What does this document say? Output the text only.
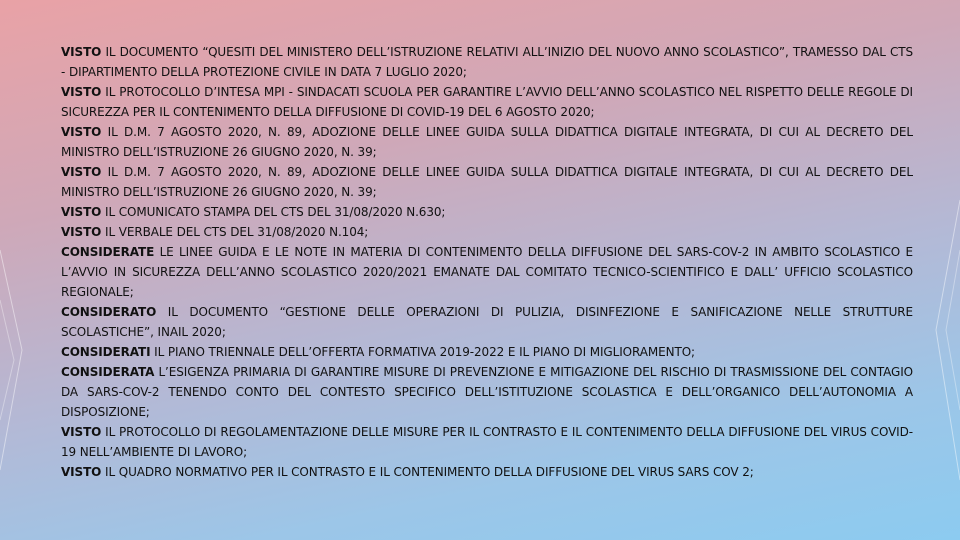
VISTO IL DOCUMENTO “QUESITI DEL MINISTERO DELL’ISTRUZIONE RELATIVI ALL’INIZIO DEL NUOVO ANNO SCOLASTICO”, TRAMESSO DAL CTS - DIPARTIMENTO DELLA PROTEZIONE CIVILE IN DATA 7 LUGLIO 2020;

VISTO IL PROTOCOLLO D’INTESA MPI - SINDACATI SCUOLA PER GARANTIRE L’AVVIO DELL’ANNO SCOLASTICO NEL RISPETTO DELLE REGOLE DI SICUREZZA PER IL CONTENIMENTO DELLA DIFFUSIONE DI COVID-19 DEL 6 AGOSTO 2020;

VISTO IL D.M. 7 AGOSTO 2020, N. 89, ADOZIONE DELLE LINEE GUIDA SULLA DIDATTICA DIGITALE INTEGRATA, DI CUI AL DECRETO DEL MINISTRO DELL’ISTRUZIONE 26 GIUGNO 2020, N. 39;

VISTO IL D.M. 7 AGOSTO 2020, N. 89, ADOZIONE DELLE LINEE GUIDA SULLA DIDATTICA DIGITALE INTEGRATA, DI CUI AL DECRETO DEL MINISTRO DELL’ISTRUZIONE 26 GIUGNO 2020, N. 39;

VISTO IL COMUNICATO STAMPA DEL CTS DEL 31/08/2020 N.630;

VISTO IL VERBALE DEL CTS DEL 31/08/2020 N.104;

CONSIDERATE LE LINEE GUIDA E LE NOTE IN MATERIA DI CONTENIMENTO DELLA DIFFUSIONE DEL SARS-COV-2 IN AMBITO SCOLASTICO E L’AVVIO IN SICUREZZA DELL’ANNO SCOLASTICO 2020/2021 EMANATE DAL COMITATO TECNICO-SCIENTIFICO E DALL’ UFFICIO SCOLASTICO REGIONALE;

CONSIDERATO IL DOCUMENTO “GESTIONE DELLE OPERAZIONI DI PULIZIA, DISINFEZIONE E SANIFICAZIONE NELLE STRUTTURE SCOLASTICHE”, INAIL 2020;

CONSIDERATI IL PIANO TRIENNALE DELL’OFFERTA FORMATIVA 2019-2022 E IL PIANO DI MIGLIORAMENTO;

CONSIDERATA L’ESIGENZA PRIMARIA DI GARANTIRE MISURE DI PREVENZIONE E MITIGAZIONE DEL RISCHIO DI TRASMISSIONE DEL CONTAGIO DA SARS-COV-2 TENENDO CONTO DEL CONTESTO SPECIFICO DELL’ISTITUZIONE SCOLASTICA E DELL’ORGANICO DELL’AUTONOMIA A DISPOSIZIONE;

VISTO IL PROTOCOLLO DI REGOLAMENTAZIONE DELLE MISURE PER IL CONTRASTO E IL CONTENIMENTO DELLA DIFFUSIONE DEL VIRUS COVID-19 NELL’AMBIENTE DI LAVORO;

VISTO IL QUADRO NORMATIVO PER IL CONTRASTO E IL CONTENIMENTO DELLA DIFFUSIONE DEL VIRUS SARS COV 2;
